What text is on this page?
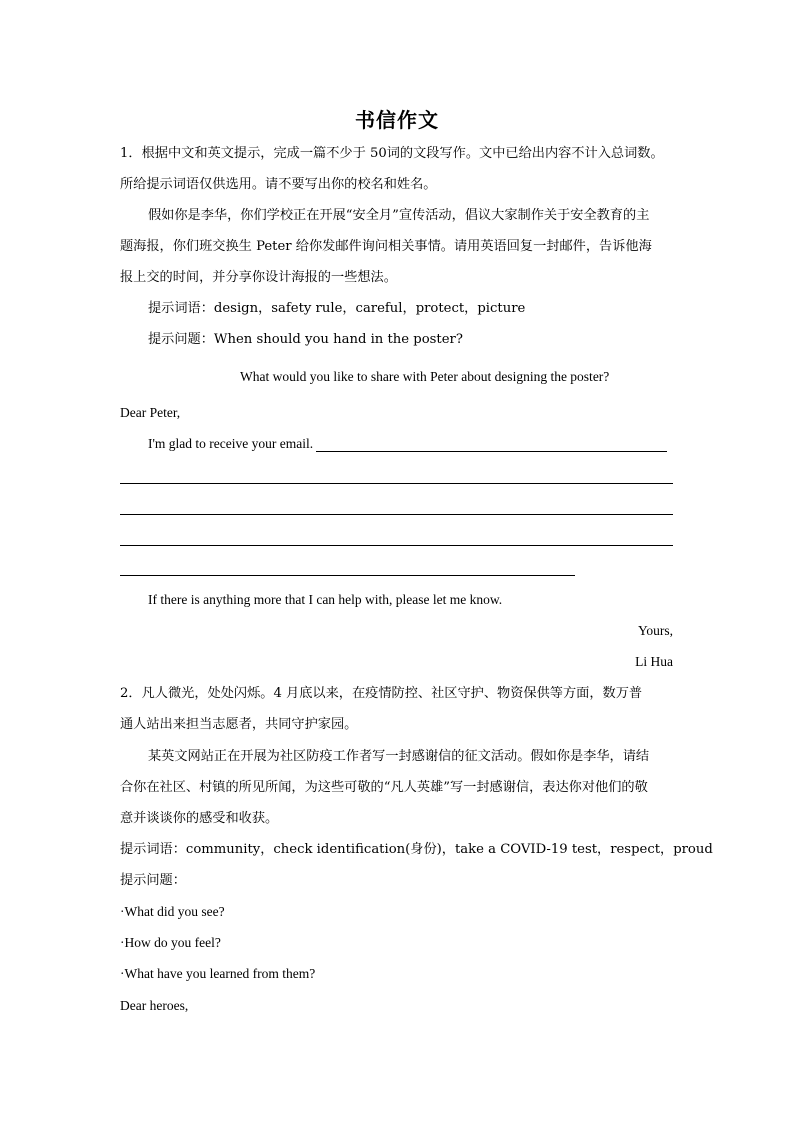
书信作文
1．根据中文和英文提示，完成一篇不少于 50词的文段写作。文中已给出内容不计入总词数。
所给提示词语仅供选用。请不要写出你的校名和姓名。
假如你是李华，你们学校正在开展“安全月”宣传活动，倡议大家制作关于安全教育的主
题海报，你们班交换生 Peter 给你发邮件询问相关事情。请用英语回复一封邮件，告诉他海
报上交的时间，并分享你设计海报的一些想法。
提示词语：design，safety rule，careful，protect，picture
提示问题：When should you hand in the poster?
What would you like to share with Peter about designing the poster?
Dear Peter,
I'm glad to receive your email.
If there is anything more that I can help with, please let me know.
Yours,
Li Hua
2．凡人微光，处处闪烁。4 月底以来，在疫情防控、社区守护、物资保供等方面，数万普
通人站出来担当志愿者，共同守护家园。
某英文网站正在开展为社区防疫工作者写一封感谢信的征文活动。假如你是李华，请结
合你在社区、村镇的所见所闻，为这些可敬的“凡人英雄”写一封感谢信，表达你对他们的敬
意并谈谈你的感受和收获。
提示词语：community，check identification(身份)，take a COVID-19 test，respect，proud
提示问题：
·What did you see?
·How do you feel?
·What have you learned from them?
Dear heroes,
